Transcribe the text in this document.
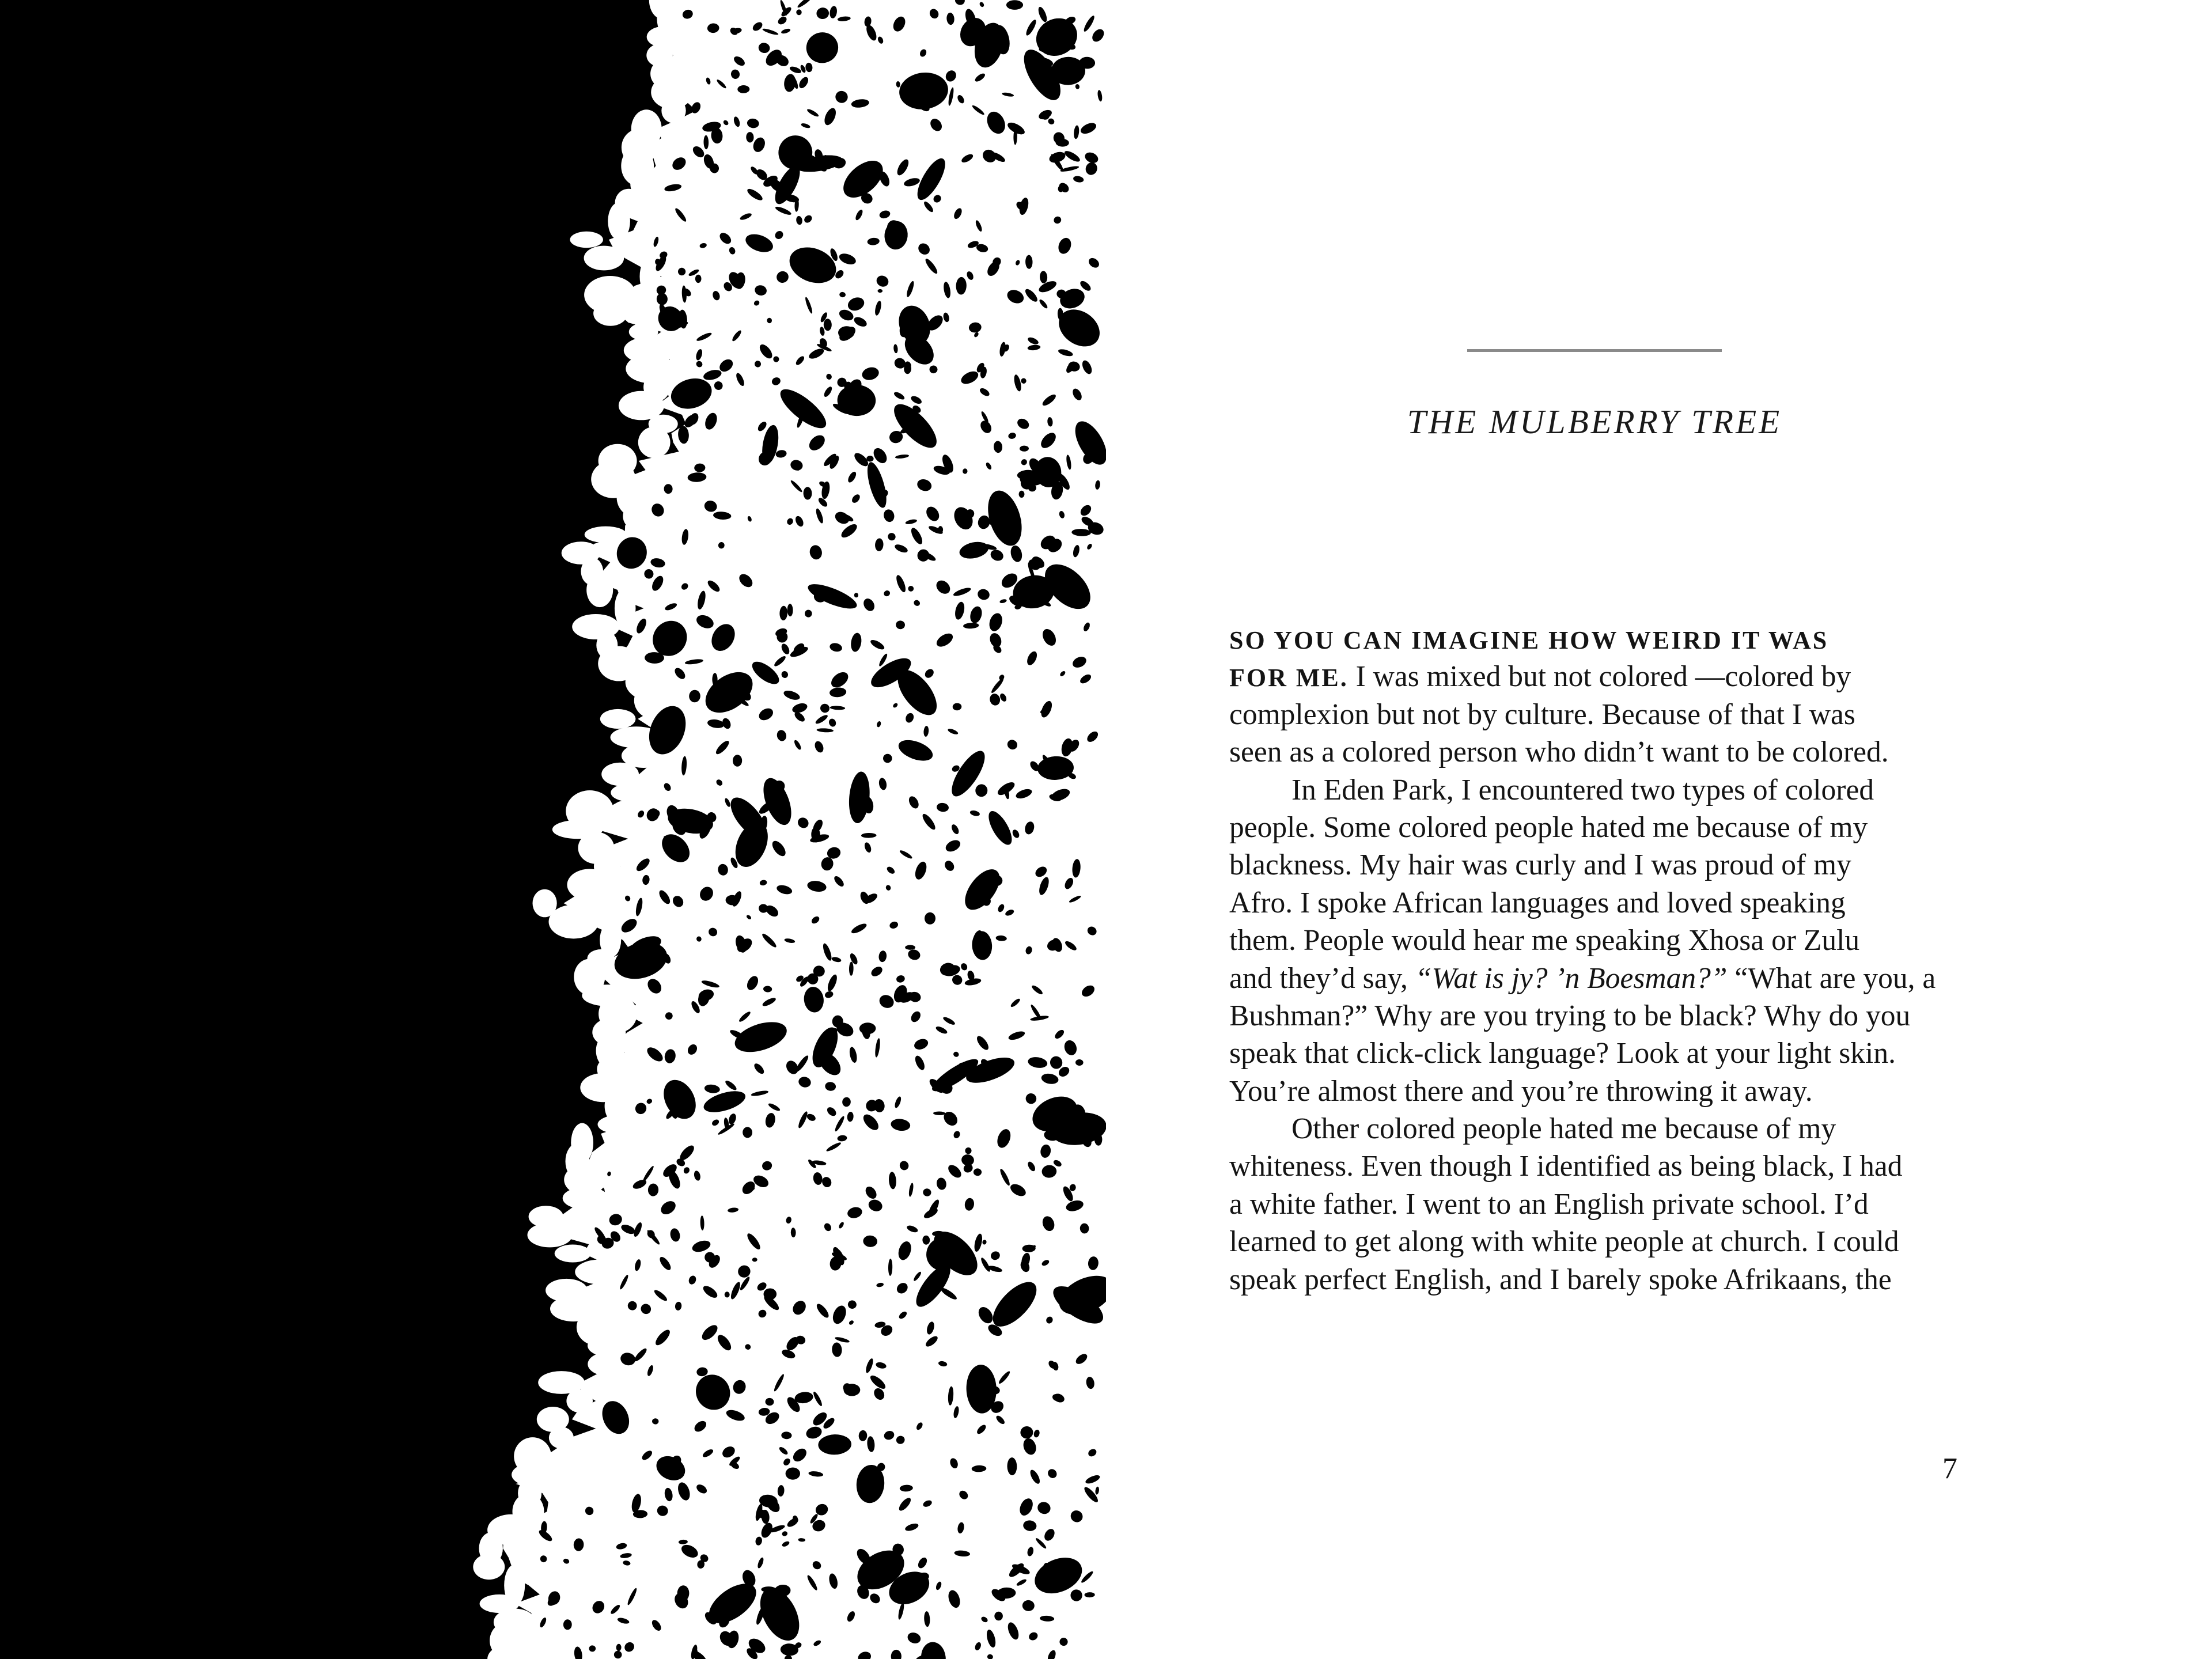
THE MULBERRY TREE
SO YOU CAN IMAGINE HOW WEIRD IT WAS
FOR ME. I was mixed but not colored —colored by
complexion but not by culture. Because of that I was
seen as a colored person who didn’t want to be colored.
In Eden Park, I encountered two types of colored
people. Some colored people hated me because of my
blackness. My hair was curly and I was proud of my
Afro. I spoke African languages and loved speaking
them. People would hear me speaking Xhosa or Zulu
and they’d say, “Wat is jy? ’n Boesman?” “What are you, a
Bushman?” Why are you trying to be black? Why do you
speak that click-click language? Look at your light skin.
You’re almost there and you’re throwing it away.
Other colored people hated me because of my
whiteness. Even though I identified as being black, I had
a white father. I went to an English private school. I’d
learned to get along with white people at church. I could
speak perfect English, and I barely spoke Afrikaans, the
7
